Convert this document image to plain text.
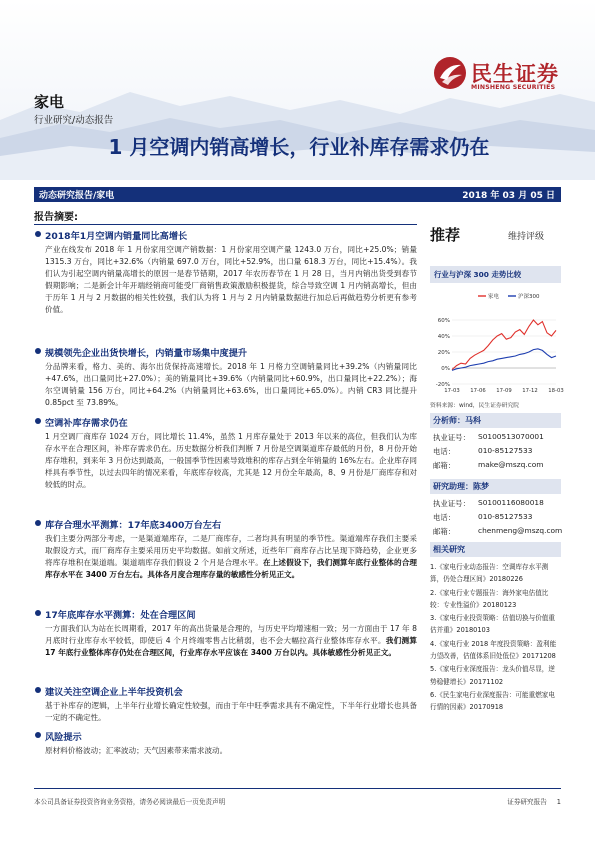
民生证券
MINSHENG SECURITIES
家电
行业研究/动态报告
1 月空调内销高增长，行业补库存需求仍在
动态研究报告/家电	2018 年 03 月 05 日
报告摘要:
2018年1月空调内销量同比高增长
产业在线发布 2018 年 1 月份家用空调产销数据：1 月份家用空调产量 1243.0 万台，同比+25.0%；销量 1315.3 万台，同比+32.6%（内销量 697.0 万台，同比+52.9%，出口量 618.3 万台，同比+15.4%）。我们认为引起空调内销量高增长的原因一是春节错期，2017 年农历春节在 1 月 28 日，当月内销出货受到春节假期影响；二是新会计年开端经销商可能受厂商销售政策激励积极提货，综合导致空调 1 月内销高增长，但由于历年 1 月与 2 月数据的相关性较强，我们认为将 1 月与 2 月内销量数据进行加总后再做趋势分析更有参考价值。
规模领先企业出货快增长，内销量市场集中度提升
分品牌来看，格力、美的、海尔出货保持高速增长。2018 年 1 月格力空调销量同比+39.2%（内销量同比+47.6%，出口量同比+27.0%）；美的销量同比+39.6%（内销量同比+60.9%，出口量同比+22.2%）；海尔空调销量 156 万台，同比+64.2%（内销量同比+63.6%，出口量同比+65.0%）。内销 CR3 同比提升 0.85pct 至 73.89%。
空调补库存需求仍在
1 月空调厂商库存 1024 万台，同比增长 11.4%，虽然 1 月库存量处于 2013 年以来的高位，但我们认为库存水平在合理区间，补库存需求仍在。历史数据分析我们判断 7 月份是空调渠道库存最低的月份，8 月份开始库存堆积，到来年 3 月份达到最高，一般国季节性因素导致堆积的库存占到全年销量的 16%左右。企业库存同样具有季节性，以过去四年的情况来看，年底库存较高，尤其是 12 月份全年最高，8、9 月份是厂商库存和对较低的时点。
库存合理水平测算：17年底3400万台左右
我们主要分两部分考虑，一是渠道端库存，二是厂商库存，二者均具有明显的季节性。渠道端库存我们主要采取假设方式，而厂商库存主要采用历史平均数据。如前文所述，近些年厂商库存占比呈现下降趋势，企业更多将库存堆积在渠道端。渠道端库存我们假设 2 个月是合理水平。在上述假设下，我们测算年底行业整体的合理库存水平在 3400 万台左右。具体各月度合理库存量的敏感性分析见正文。
17年底库存水平测算：处在合理区间
一方面我们认为站在长周期看，2017 年的高出货量是合理的，与历史平均增速相一致；另一方面由于 17 年 8 月底时行业库存水平较低，即使后 4 个月终端零售占比稍弱，也不会大幅拉高行业整体库存水平。我们测算 17 年底行业整体库存仍处在合理区间，行业库存水平应该在 3400 万台以内。具体敏感性分析见正文。
建议关注空调企业上半年投资机会
基于补库存的逻辑，上半年行业增长确定性较强，而由于年中旺季需求具有不确定性，下半年行业增长也具备一定的不确定性。
风险提示
原材料价格波动；汇率波动；天气因素带来需求波动。
推荐	维持评级
行业与沪深 300 走势比较
家电	沪深300
-20%
0%
20%
40%
60%
17-03 17-06 17-09 17-12 18-03
资料来源：wind，民生证券研究院
分析师：马科
执业证号： S0100513070001
电话：	010-85127533
邮箱：	make@mszq.com
研究助理：陈梦
执业证号： S0100116080018
电话：	010-85127533
邮箱：	chenmeng@mszq.com
相关研究
1.《家电行业动态报告：空调库存水平测算，仍处合理区间》20180226
2.《家电行业专题报告：海外家电估值比较：专业性溢价》20180123
3.《家电行业投资策略：估值切换与价值重估并重》20180103
4.《家电行业 2018 年度投资策略：盈利能力望改善，估值体系旧处低位》20171208
5.《家电行业深度报告：龙头价值尽显，逆势稳健增长》20171102
6.《民生家电行业深度报告：可能重燃家电行情的因素》20170918
本公司具备证券投资咨询业务资格，请务必阅读最后一页免责声明	证券研究报告 1
